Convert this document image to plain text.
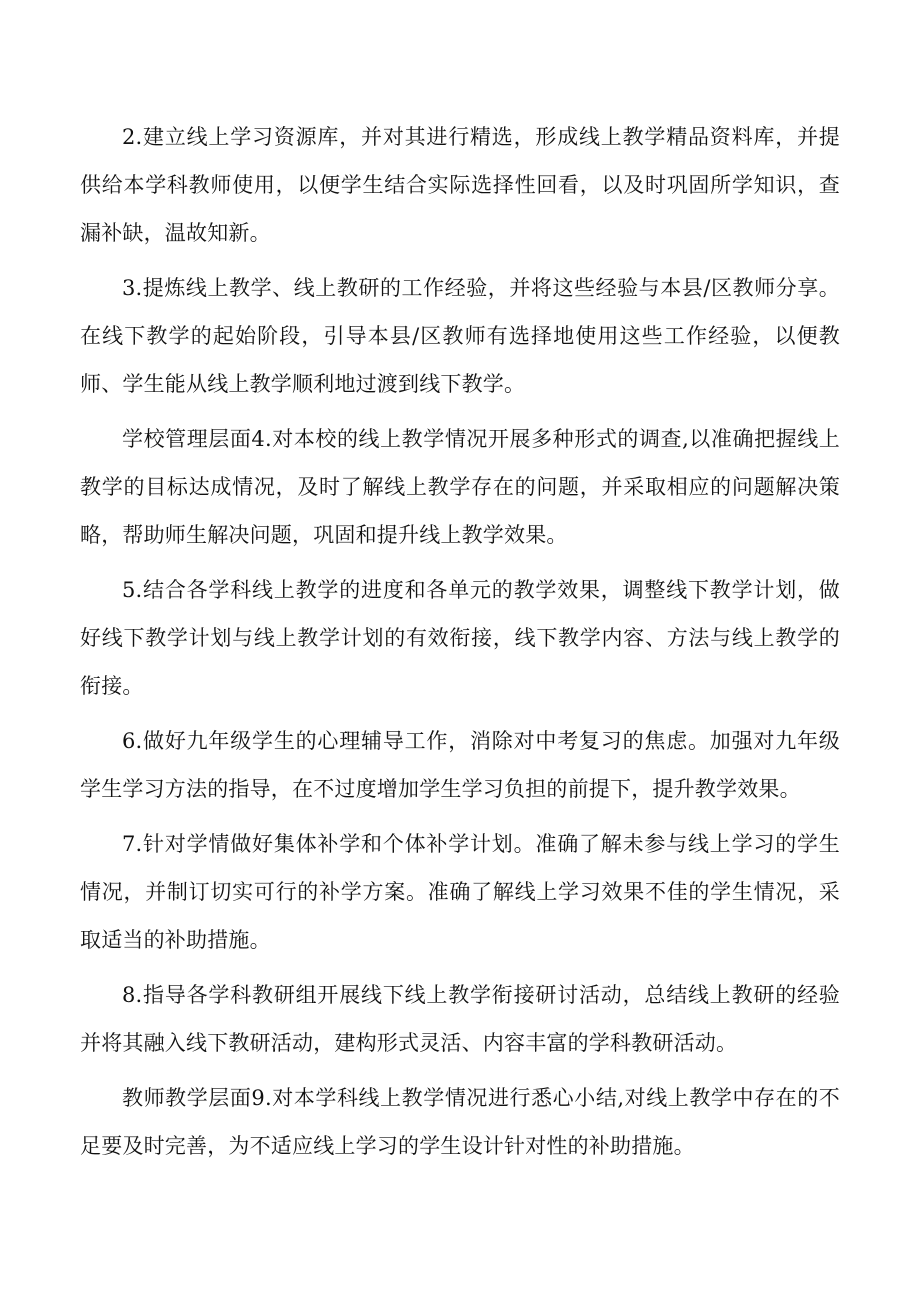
2.建立线上学习资源库，并对其进行精选，形成线上教学精品资料库，并提供给本学科教师使用，以便学生结合实际选择性回看，以及时巩固所学知识，查漏补缺，温故知新。

3.提炼线上教学、线上教研的工作经验，并将这些经验与本县/区教师分享。在线下教学的起始阶段，引导本县/区教师有选择地使用这些工作经验，以便教师、学生能从线上教学顺利地过渡到线下教学。

学校管理层面4.对本校的线上教学情况开展多种形式的调查,以准确把握线上教学的目标达成情况，及时了解线上教学存在的问题，并采取相应的问题解决策略，帮助师生解决问题，巩固和提升线上教学效果。

5.结合各学科线上教学的进度和各单元的教学效果，调整线下教学计划，做好线下教学计划与线上教学计划的有效衔接，线下教学内容、方法与线上教学的衔接。

6.做好九年级学生的心理辅导工作，消除对中考复习的焦虑。加强对九年级学生学习方法的指导，在不过度增加学生学习负担的前提下，提升教学效果。

7.针对学情做好集体补学和个体补学计划。准确了解未参与线上学习的学生情况，并制订切实可行的补学方案。准确了解线上学习效果不佳的学生情况，采取适当的补助措施。

8.指导各学科教研组开展线下线上教学衔接研讨活动，总结线上教研的经验并将其融入线下教研活动，建构形式灵活、内容丰富的学科教研活动。

教师教学层面9.对本学科线上教学情况进行悉心小结,对线上教学中存在的不足要及时完善，为不适应线上学习的学生设计针对性的补助措施。
